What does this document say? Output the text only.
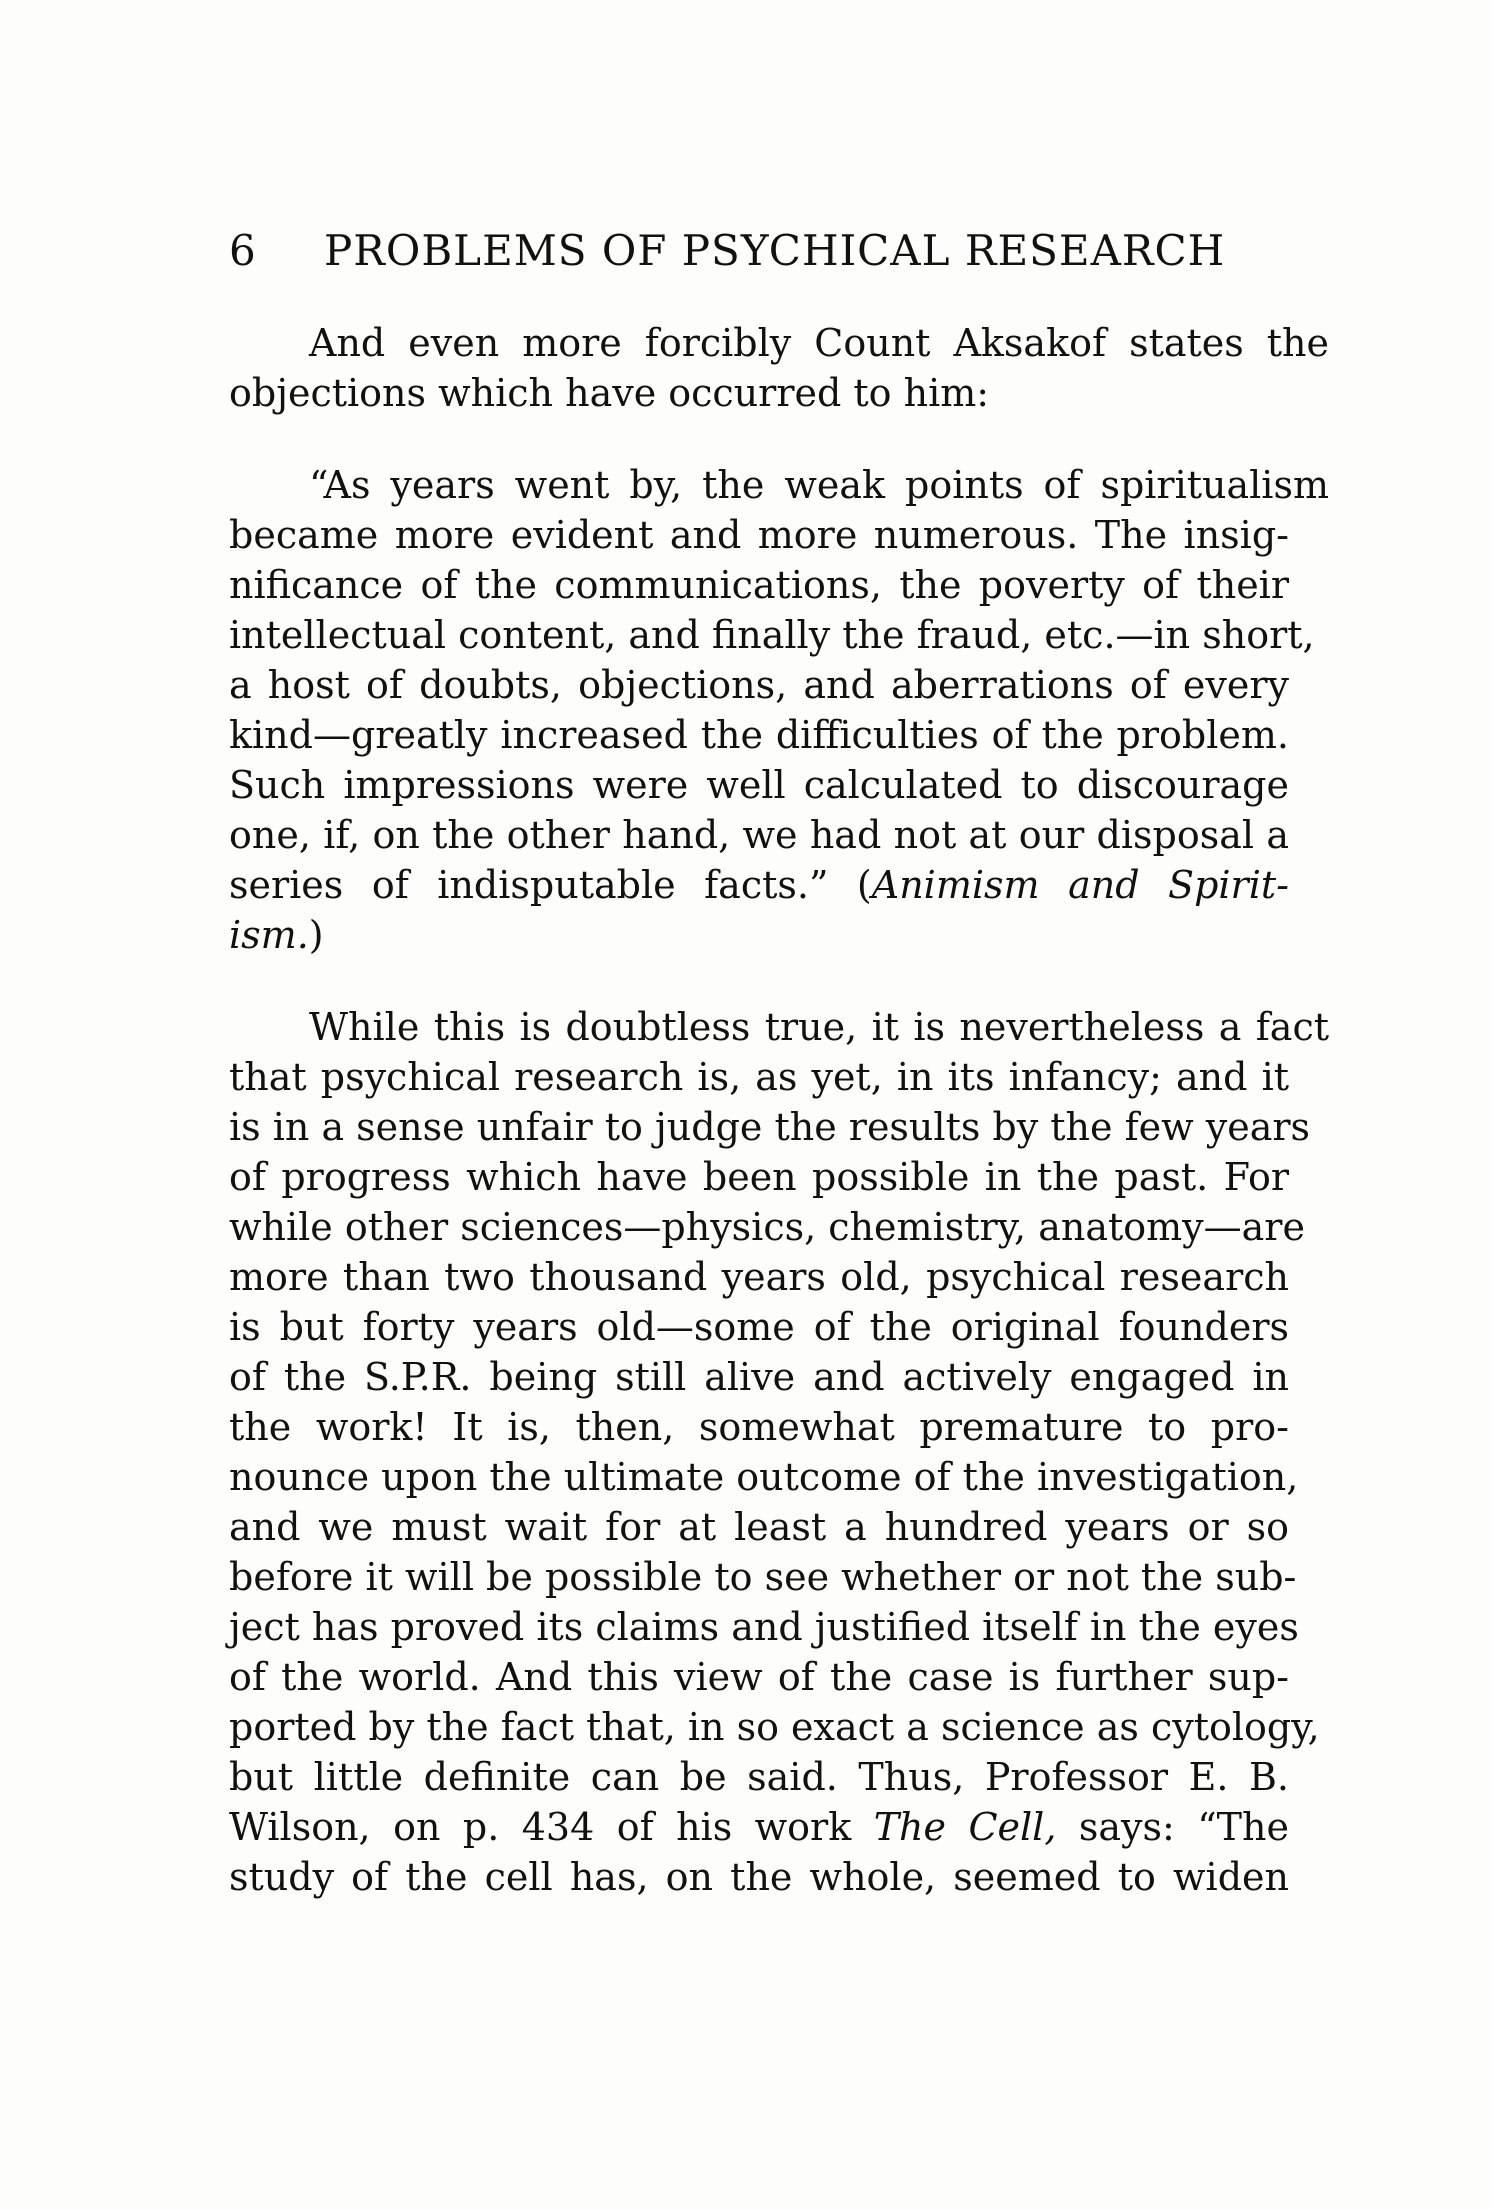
6 PROBLEMS OF PSYCHICAL RESEARCH
And even more forcibly Count Aksakof states the
objections which have occurred to him:
“As years went by, the weak points of spiritualism
became more evident and more numerous. The insig-
nificance of the communications, the poverty of their
intellectual content, and finally the fraud, etc.—in short,
a host of doubts, objections, and aberrations of every
kind—greatly increased the difficulties of the problem.
Such impressions were well calculated to discourage
one, if, on the other hand, we had not at our disposal a
series of indisputable facts.” (Animism and Spirit-
ism.)
While this is doubtless true, it is nevertheless a fact
that psychical research is, as yet, in its infancy; and it
is in a sense unfair to judge the results by the few years
of progress which have been possible in the past. For
while other sciences—physics, chemistry, anatomy—are
more than two thousand years old, psychical research
is but forty years old—some of the original founders
of the S.P.R. being still alive and actively engaged in
the work! It is, then, somewhat premature to pro-
nounce upon the ultimate outcome of the investigation,
and we must wait for at least a hundred years or so
before it will be possible to see whether or not the sub-
ject has proved its claims and justified itself in the eyes
of the world. And this view of the case is further sup-
ported by the fact that, in so exact a science as cytology,
but little definite can be said. Thus, Professor E. B.
Wilson, on p. 434 of his work The Cell, says: “The
study of the cell has, on the whole, seemed to widen
